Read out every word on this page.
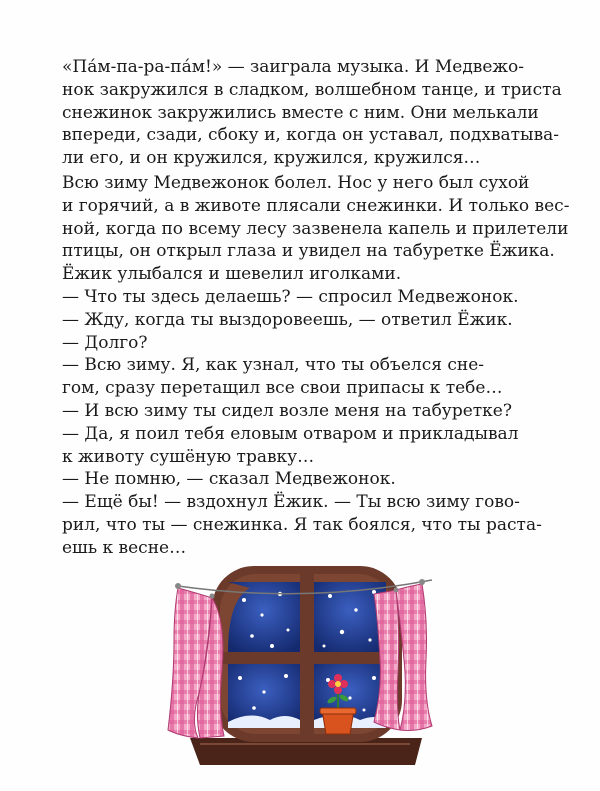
«Па́м-па-ра-па́м!» — заиграла музыка. И Медвежо-
нок закружился в сладком, волшебном танце, и триста
снежинок закружились вместе с ним. Они мелькали
впереди, сзади, сбоку и, когда он уставал, подхватыва-
ли его, и он кружился, кружился, кружился…
Всю зиму Медвежонок болел. Нос у него был сухой
и горячий, а в животе плясали снежинки. И только вес-
ной, когда по всему лесу зазвенела капель и прилетели
птицы, он открыл глаза и увидел на табуретке Ёжика.
Ёжик улыбался и шевелил иголками.
— Что ты здесь делаешь? — спросил Медвежонок.
— Жду, когда ты выздоровеешь, — ответил Ёжик.
— Долго?
— Всю зиму. Я, как узнал, что ты объелся сне-
гом, сразу перетащил все свои припасы к тебе…
— И всю зиму ты сидел возле меня на табуретке?
— Да, я поил тебя еловым отваром и прикладывал
к животу сушёную травку…
— Не помню, — сказал Медвежонок.
— Ещё бы! — вздохнул Ёжик. — Ты всю зиму гово-
рил, что ты — снежинка. Я так боялся, что ты раста-
ешь к весне…
